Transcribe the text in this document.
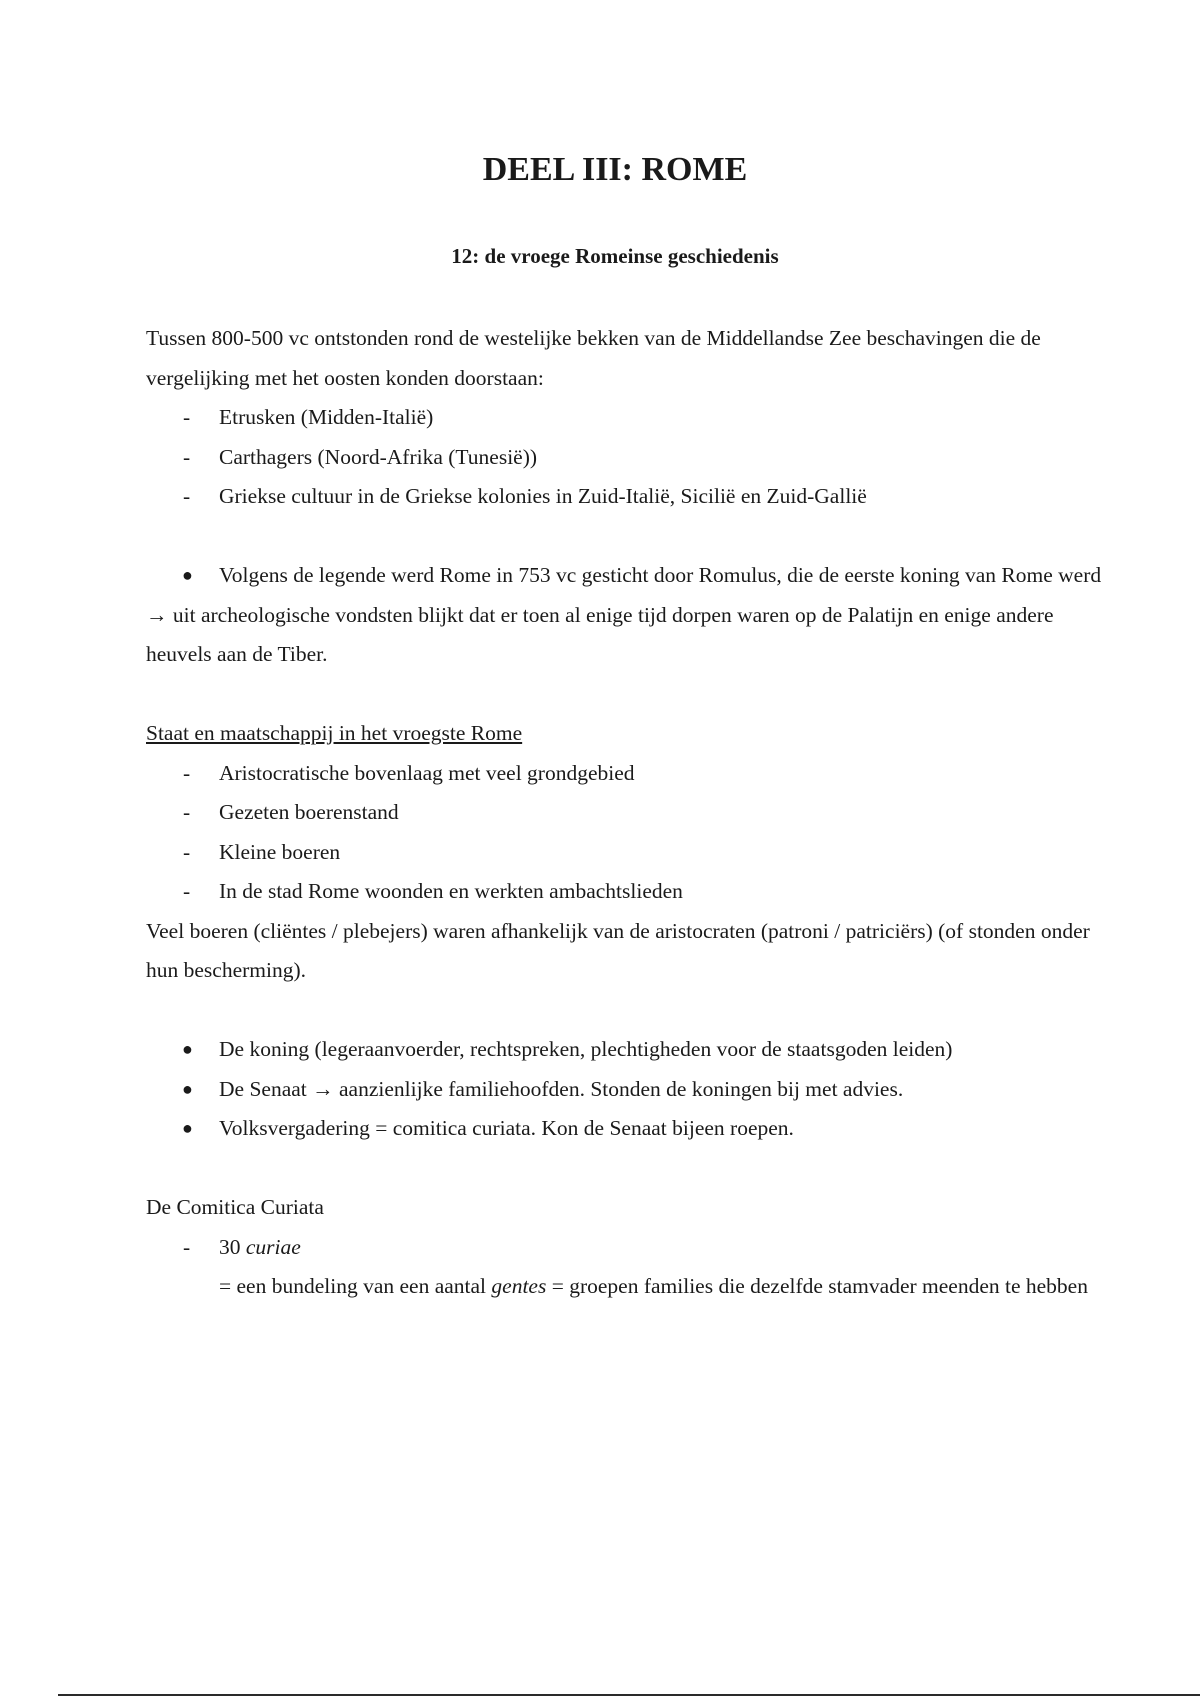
DEEL III: ROME
12: de vroege Romeinse geschiedenis

Tussen 800-500 vc ontstonden rond de westelijke bekken van de Middellandse Zee beschavingen die de vergelijking met het oosten konden doorstaan:

- Etrusken (Midden-Italië)
- Carthagers (Noord-Afrika (Tunesië))
- Griekse cultuur in de Griekse kolonies in Zuid-Italië, Sicilië en Zuid-Gallië
● Volgens de legende werd Rome in 753 vc gesticht door Romulus, die de eerste koning van Rome werd

→ uit archeologische vondsten blijkt dat er toen al enige tijd dorpen waren op de Palatijn en enige andere heuvels aan de Tiber.

Staat en maatschappij in het vroegste Rome

- Aristocratische bovenlaag met veel grondgebied
- Gezeten boerenstand
- Kleine boeren
- In de stad Rome woonden en werkten ambachtslieden

Veel boeren (cliëntes / plebejers) waren afhankelijk van de aristocraten (patroni / patriciërs) (of stonden onder hun bescherming).

● De koning (legeraanvoerder, rechtspreken, plechtigheden voor de staatsgoden leiden)
● De Senaat → aanzienlijke familiehoofden. Stonden de koningen bij met advies.
● Volksvergadering = comitica curiata. Kon de Senaat bijeen roepen.

De Comitica Curiata

- 30 curiae

= een bundeling van een aantal gentes = groepen families die dezelfde stamvader meenden te hebben
